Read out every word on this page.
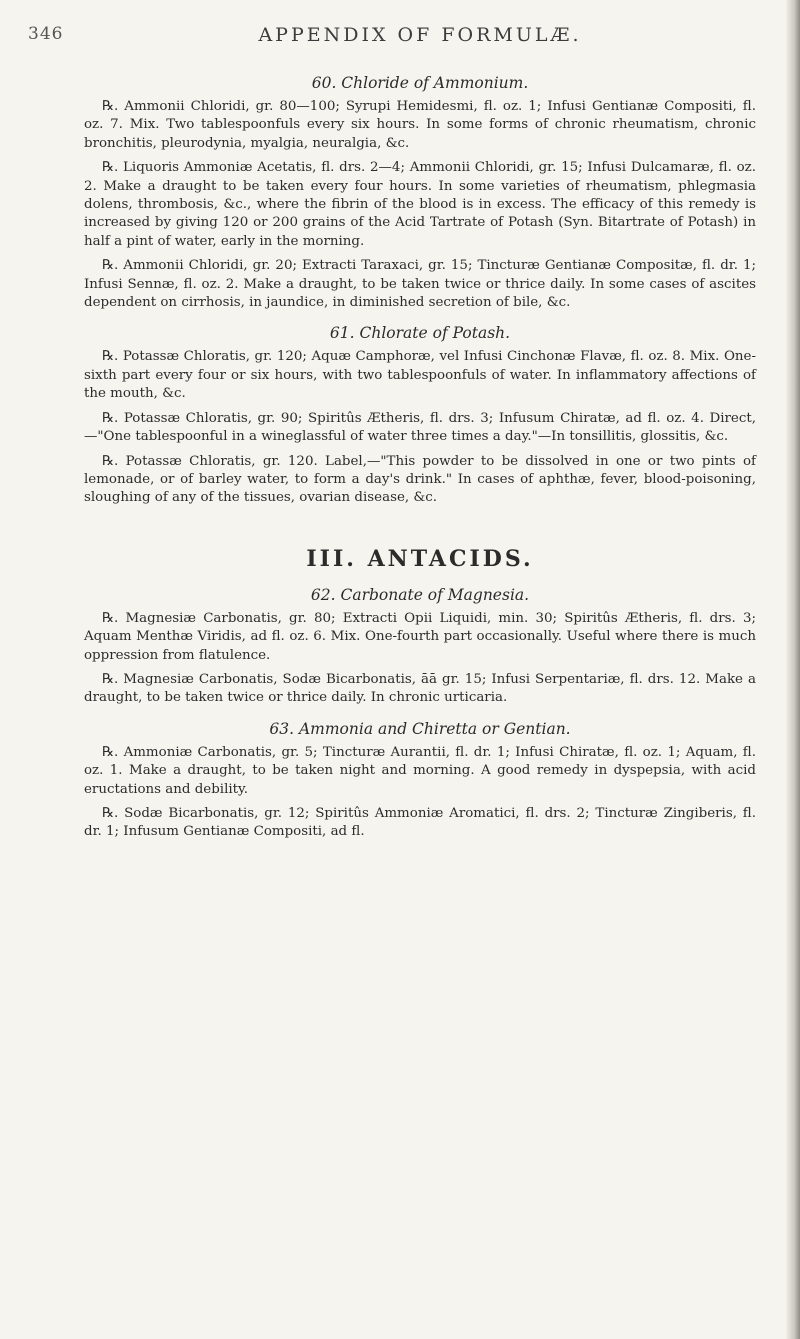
346	APPENDIX OF FORMULÆ.
60. Chloride of Ammonium.

℞. Ammonii Chloridi, gr. 80—100; Syrupi Hemidesmi, fl. oz. 1; Infusi Gentianæ Compositi, fl. oz. 7. Mix. Two tablespoonfuls every six hours. In some forms of chronic rheumatism, chronic bronchitis, pleurodynia, myalgia, neuralgia, &c.

℞. Liquoris Ammoniæ Acetatis, fl. drs. 2—4; Ammonii Chloridi, gr. 15; Infusi Dulcamaræ, fl. oz. 2. Make a draught to be taken every four hours. In some varieties of rheumatism, phlegmasia dolens, thrombosis, &c., where the fibrin of the blood is in excess. The efficacy of this remedy is increased by giving 120 or 200 grains of the Acid Tartrate of Potash (Syn. Bitartrate of Potash) in half a pint of water, early in the morning.

℞. Ammonii Chloridi, gr. 20; Extracti Taraxaci, gr. 15; Tincturæ Gentianæ Compositæ, fl. dr. 1; Infusi Sennæ, fl. oz. 2. Make a draught, to be taken twice or thrice daily. In some cases of ascites dependent on cirrhosis, in jaundice, in diminished secretion of bile, &c.

61. Chlorate of Potash.

℞. Potassæ Chloratis, gr. 120; Aquæ Camphoræ, vel Infusi Cinchonæ Flavæ, fl. oz. 8. Mix. One-sixth part every four or six hours, with two tablespoonfuls of water. In inflammatory affections of the mouth, &c.

℞. Potassæ Chloratis, gr. 90; Spiritûs Ætheris, fl. drs. 3; Infusum Chiratæ, ad fl. oz. 4. Direct,—"One tablespoonful in a wineglassful of water three times a day."—In tonsillitis, glossitis, &c.

℞. Potassæ Chloratis, gr. 120. Label,—"This powder to be dissolved in one or two pints of lemonade, or of barley water, to form a day's drink." In cases of aphthæ, fever, blood-poisoning, sloughing of any of the tissues, ovarian disease, &c.

III. ANTACIDS.
62. Carbonate of Magnesia.

℞. Magnesiæ Carbonatis, gr. 80; Extracti Opii Liquidi, min. 30; Spiritûs Ætheris, fl. drs. 3; Aquam Menthæ Viridis, ad fl. oz. 6. Mix. One-fourth part occasionally. Useful where there is much oppression from flatulence.

℞. Magnesiæ Carbonatis, Sodæ Bicarbonatis, āā gr. 15; Infusi Serpentariæ, fl. drs. 12. Make a draught, to be taken twice or thrice daily. In chronic urticaria.

63. Ammonia and Chiretta or Gentian.

℞. Ammoniæ Carbonatis, gr. 5; Tincturæ Aurantii, fl. dr. 1; Infusi Chiratæ, fl. oz. 1; Aquam, fl. oz. 1. Make a draught, to be taken night and morning. A good remedy in dyspepsia, with acid eructations and debility.

℞. Sodæ Bicarbonatis, gr. 12; Spiritûs Ammoniæ Aromatici, fl. drs. 2; Tincturæ Zingiberis, fl. dr. 1; Infusum Gentianæ Compositi, ad fl.
